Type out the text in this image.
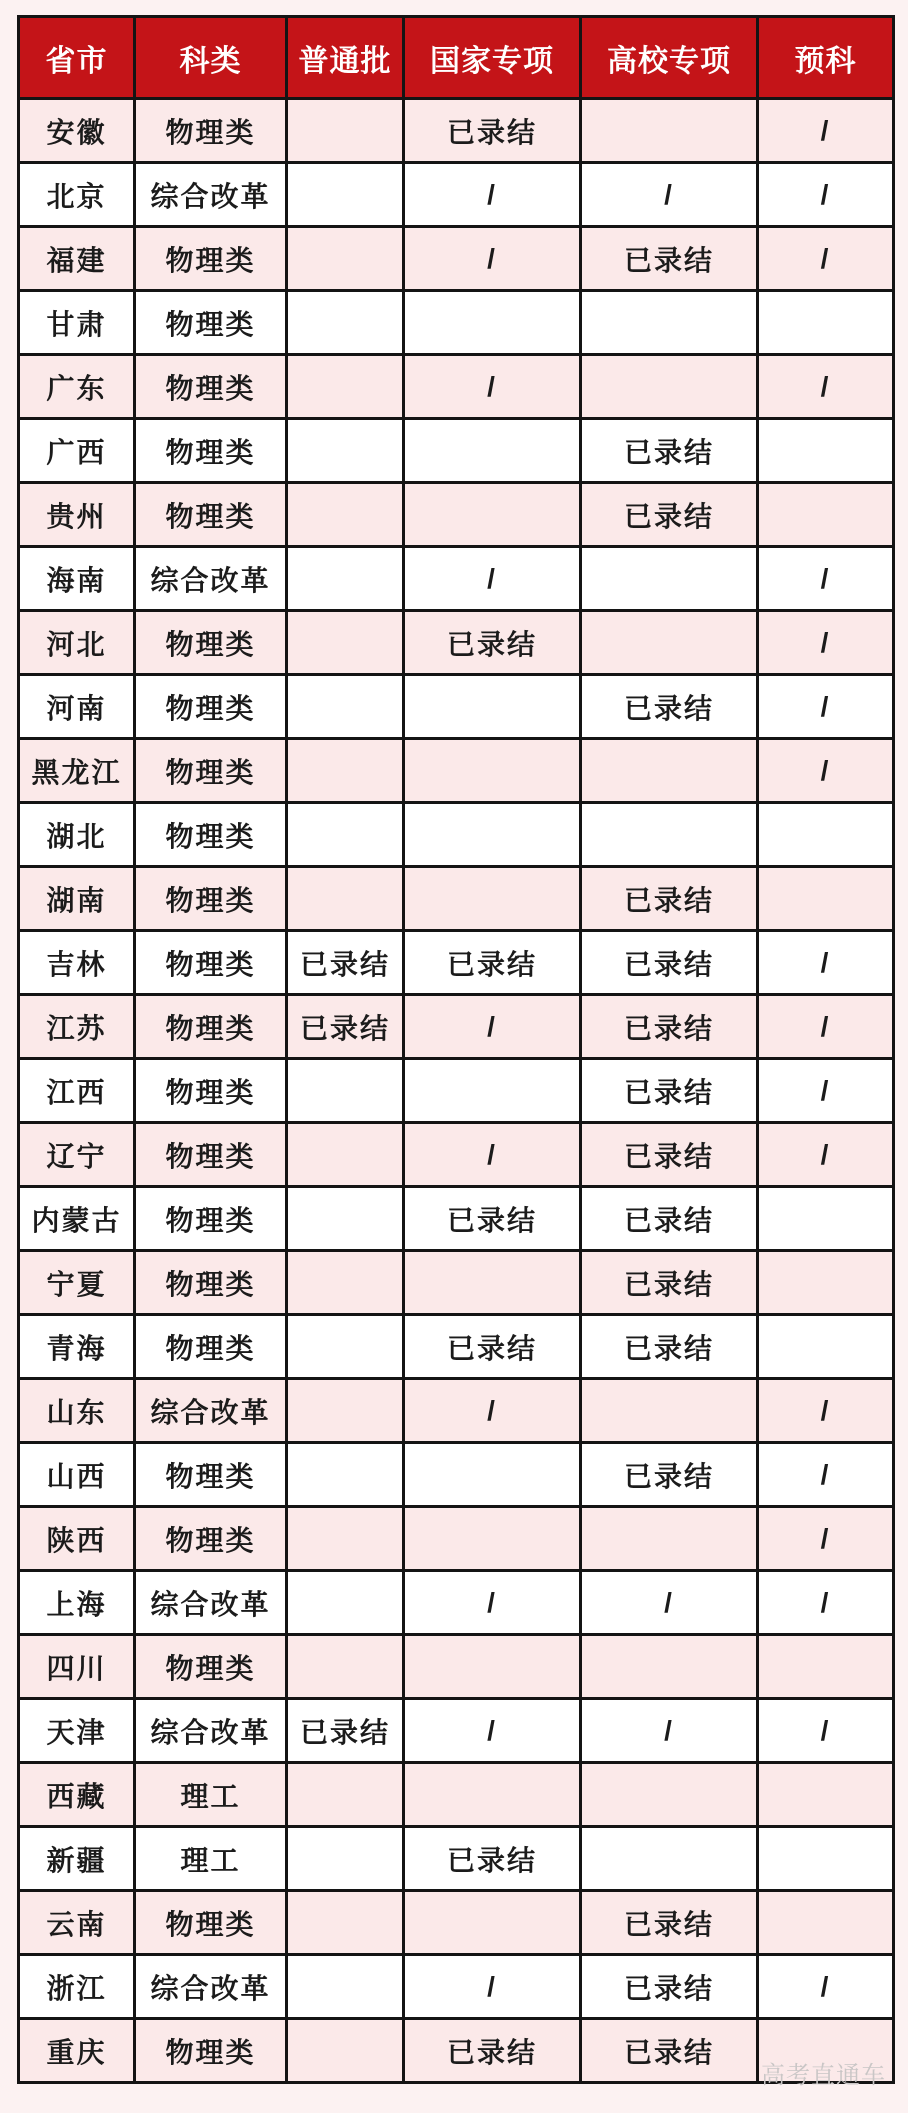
省市	科类	普通批	国家专项	高校专项	预科
安徽	物理类		已录结		/
北京	综合改革		/	/	/
福建	物理类		/	已录结	/
甘肃	物理类				
广东	物理类		/		/
广西	物理类			已录结	
贵州	物理类			已录结	
海南	综合改革		/		/
河北	物理类		已录结		/
河南	物理类			已录结	/
黑龙江	物理类				/
湖北	物理类				
湖南	物理类			已录结	
吉林	物理类	已录结	已录结	已录结	/
江苏	物理类	已录结	/	已录结	/
江西	物理类			已录结	/
辽宁	物理类		/	已录结	/
内蒙古	物理类		已录结	已录结	
宁夏	物理类			已录结	
青海	物理类		已录结	已录结	
山东	综合改革		/		/
山西	物理类			已录结	/
陕西	物理类				/
上海	综合改革		/	/	/
四川	物理类				
天津	综合改革	已录结	/	/	/
西藏	理工				
新疆	理工		已录结		
云南	物理类			已录结	
浙江	综合改革		/	已录结	/
重庆	物理类		已录结	已录结	
高考直通车
